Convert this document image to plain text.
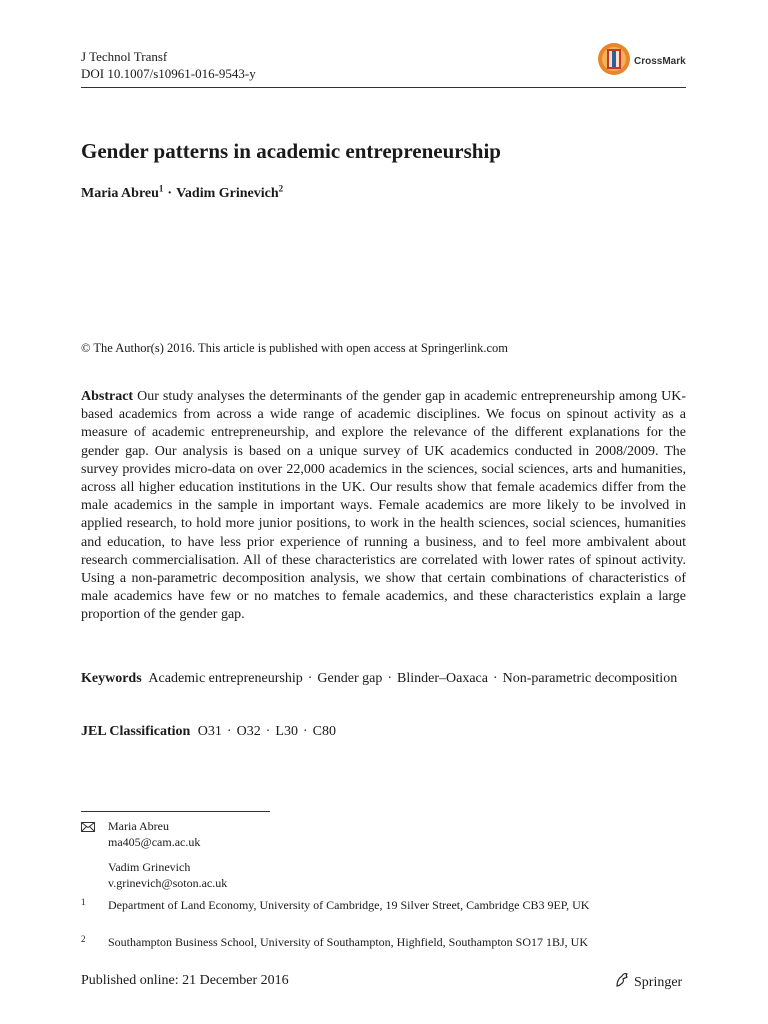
J Technol Transf
DOI 10.1007/s10961-016-9543-y
CrossMark
Gender patterns in academic entrepreneurship
Maria Abreu$^1$ · Vadim Grinevich$^2$
© The Author(s) 2016. This article is published with open access at Springerlink.com

Abstract Our study analyses the determinants of the gender gap in academic entrepreneurship among UK-based academics from across a wide range of academic disciplines. We focus on spinout activity as a measure of academic entrepreneurship, and explore the relevance of the different explanations for the gender gap. Our analysis is based on a unique survey of UK academics conducted in 2008/2009. The survey provides micro-data on over 22,000 academics in the sciences, social sciences, arts and humanities, across all higher education institutions in the UK. Our results show that female academics differ from the male academics in the sample in important ways. Female academics are more likely to be involved in applied research, to hold more junior positions, to work in the health sciences, social sciences, humanities and education, to have less prior experience of running a business, and to feel more ambivalent about research commercialisation. All of these characteristics are correlated with lower rates of spinout activity. Using a non-parametric decomposition analysis, we show that certain combinations of characteristics of male academics have few or no matches to female academics, and these characteristics explain a large proportion of the gender gap.

Keywords Academic entrepreneurship · Gender gap · Blinder–Oaxaca · Non-parametric decomposition
JEL Classification O31 · O32 · L30 · C80
Maria Abreu
ma405@cam.ac.uk
Vadim Grinevich
v.grinevich@soton.ac.uk
1 Department of Land Economy, University of Cambridge, 19 Silver Street, Cambridge CB3 9EP, UK
2 Southampton Business School, University of Southampton, Highfield, Southampton SO17 1BJ, UK
Published online: 21 December 2016	Springer
